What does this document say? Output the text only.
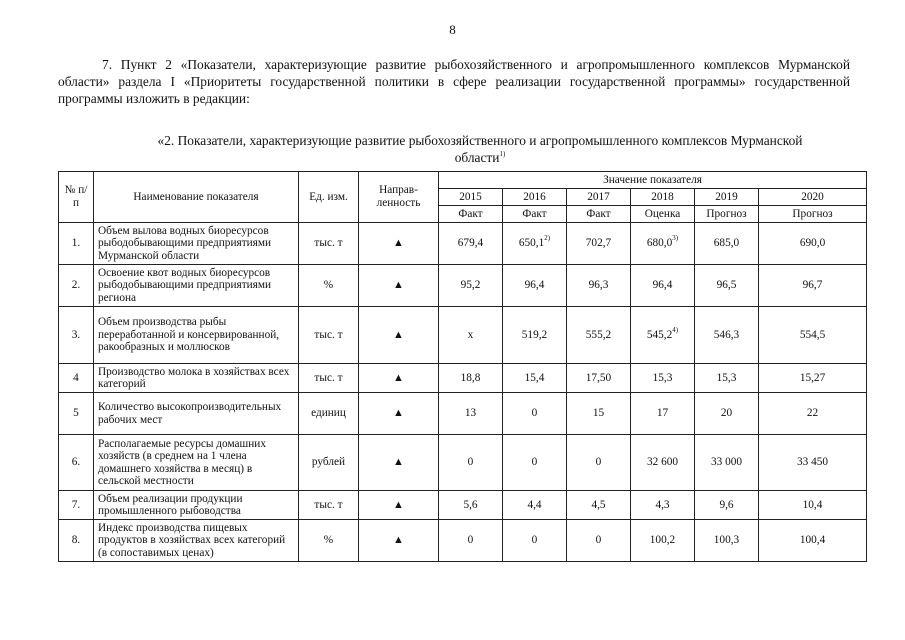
8
7. Пункт 2 «Показатели, характеризующие развитие рыбохозяйственного и агропромышленного комплексов Мурманской области» раздела I «Приоритеты государственной политики в сфере реализации государственной программы» государственной программы изложить в редакции:
«2. Показатели, характеризующие развитие рыбохозяйственного и агропромышленного комплексов Мурманской области$^{1)}$
№ п/п	Наименование показателя	Ед. изм.	Направ-ленность	Значение показателя					
				2015	2016	2017	2018	2019	2020
				Факт	Факт	Факт	Оценка	Прогноз	Прогноз
1.	Объем вылова водных биоресурсов рыбодобывающими предприятиями Мурманской области	тыс. т	▲	679,4	650,1$^{2)}$	702,7	680,0$^{3)}$	685,0	690,0
2.	Освоение квот водных биоресурсов рыбодобывающими предприятиями региона	%	▲	95,2	96,4	96,3	96,4	96,5	96,7
3.	Объем производства рыбы переработанной и консервированной, ракообразных и моллюсков	тыс. т	▲	х	519,2	555,2	545,2$^{4)}$	546,3	554,5
4	Производство молока в хозяйствах всех категорий	тыс. т	▲	18,8	15,4	17,50	15,3	15,3	15,27
5	Количество высокопроизводительных рабочих мест	единиц	▲	13	0	15	17	20	22
6.	Располагаемые ресурсы домашних хозяйств (в среднем на 1 члена домашнего хозяйства в месяц) в сельской местности	рублей	▲	0	0	0	32 600	33 000	33 450
7.	Объем реализации продукции промышленного рыбоводства	тыс. т	▲	5,6	4,4	4,5	4,3	9,6	10,4
8.	Индекс производства пищевых продуктов в хозяйствах всех категорий (в сопоставимых ценах)	%	▲	0	0	0	100,2	100,3	100,4
